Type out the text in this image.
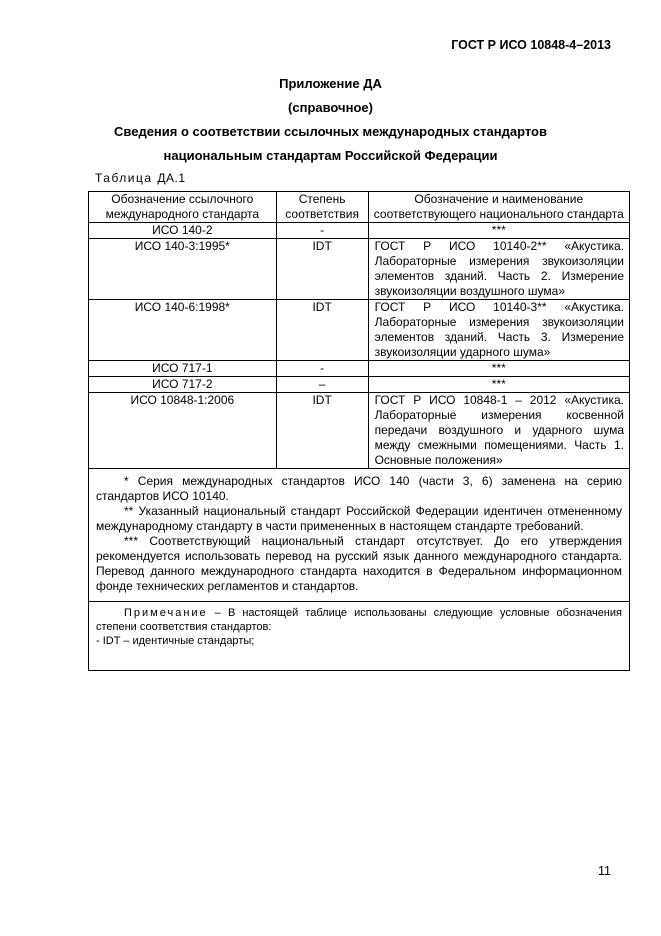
ГОСТ Р ИСО 10848-4–2013
Приложение ДА
(справочное)
Сведения о соответствии ссылочных международных стандартов
национальным стандартам Российской Федерации
Таблица ДА.1
Обозначение ссылочного международного стандарта	Степень соответствия	Обозначение и наименование соответствующего национального стандарта
ИСО 140-2	-	***
ИСО 140-3:1995*	IDT	ГОСТ Р ИСО 10140-2** «Акустика. Лабораторные измерения звукоизоляции элементов зданий. Часть 2. Измерение звукоизоляции воздушного шума»
ИСО 140-6:1998*	IDT	ГОСТ Р ИСО 10140-3** «Акустика. Лабораторные измерения звукоизоляции элементов зданий. Часть 3. Измерение звукоизоляции ударного шума»
ИСО 717-1	-	***
ИСО 717-2	–	***
ИСО 10848-1:2006	IDT	ГОСТ Р ИСО 10848-1 – 2012 «Акустика. Лабораторные измерения косвенной передачи воздушного и ударного шума между смежными помещениями. Часть 1. Основные положения»

* Серия международных стандартов ИСО 140 (части 3, 6) заменена на серию стандартов ИСО 10140.

** Указанный национальный стандарт Российской Федерации идентичен отмененному международному стандарту в части примененных в настоящем стандарте требований.

*** Соответствующий национальный стандарт отсутствует. До его утверждения рекомендуется использовать перевод на русский язык данного международного стандарта. Перевод данного международного стандарта находится в Федеральном информационном фонде технических регламентов и стандартов.		

Примечание – В настоящей таблице использованы следующие условные обозначения степени соответствия стандартов:

- IDT – идентичные стандарты;		

11
